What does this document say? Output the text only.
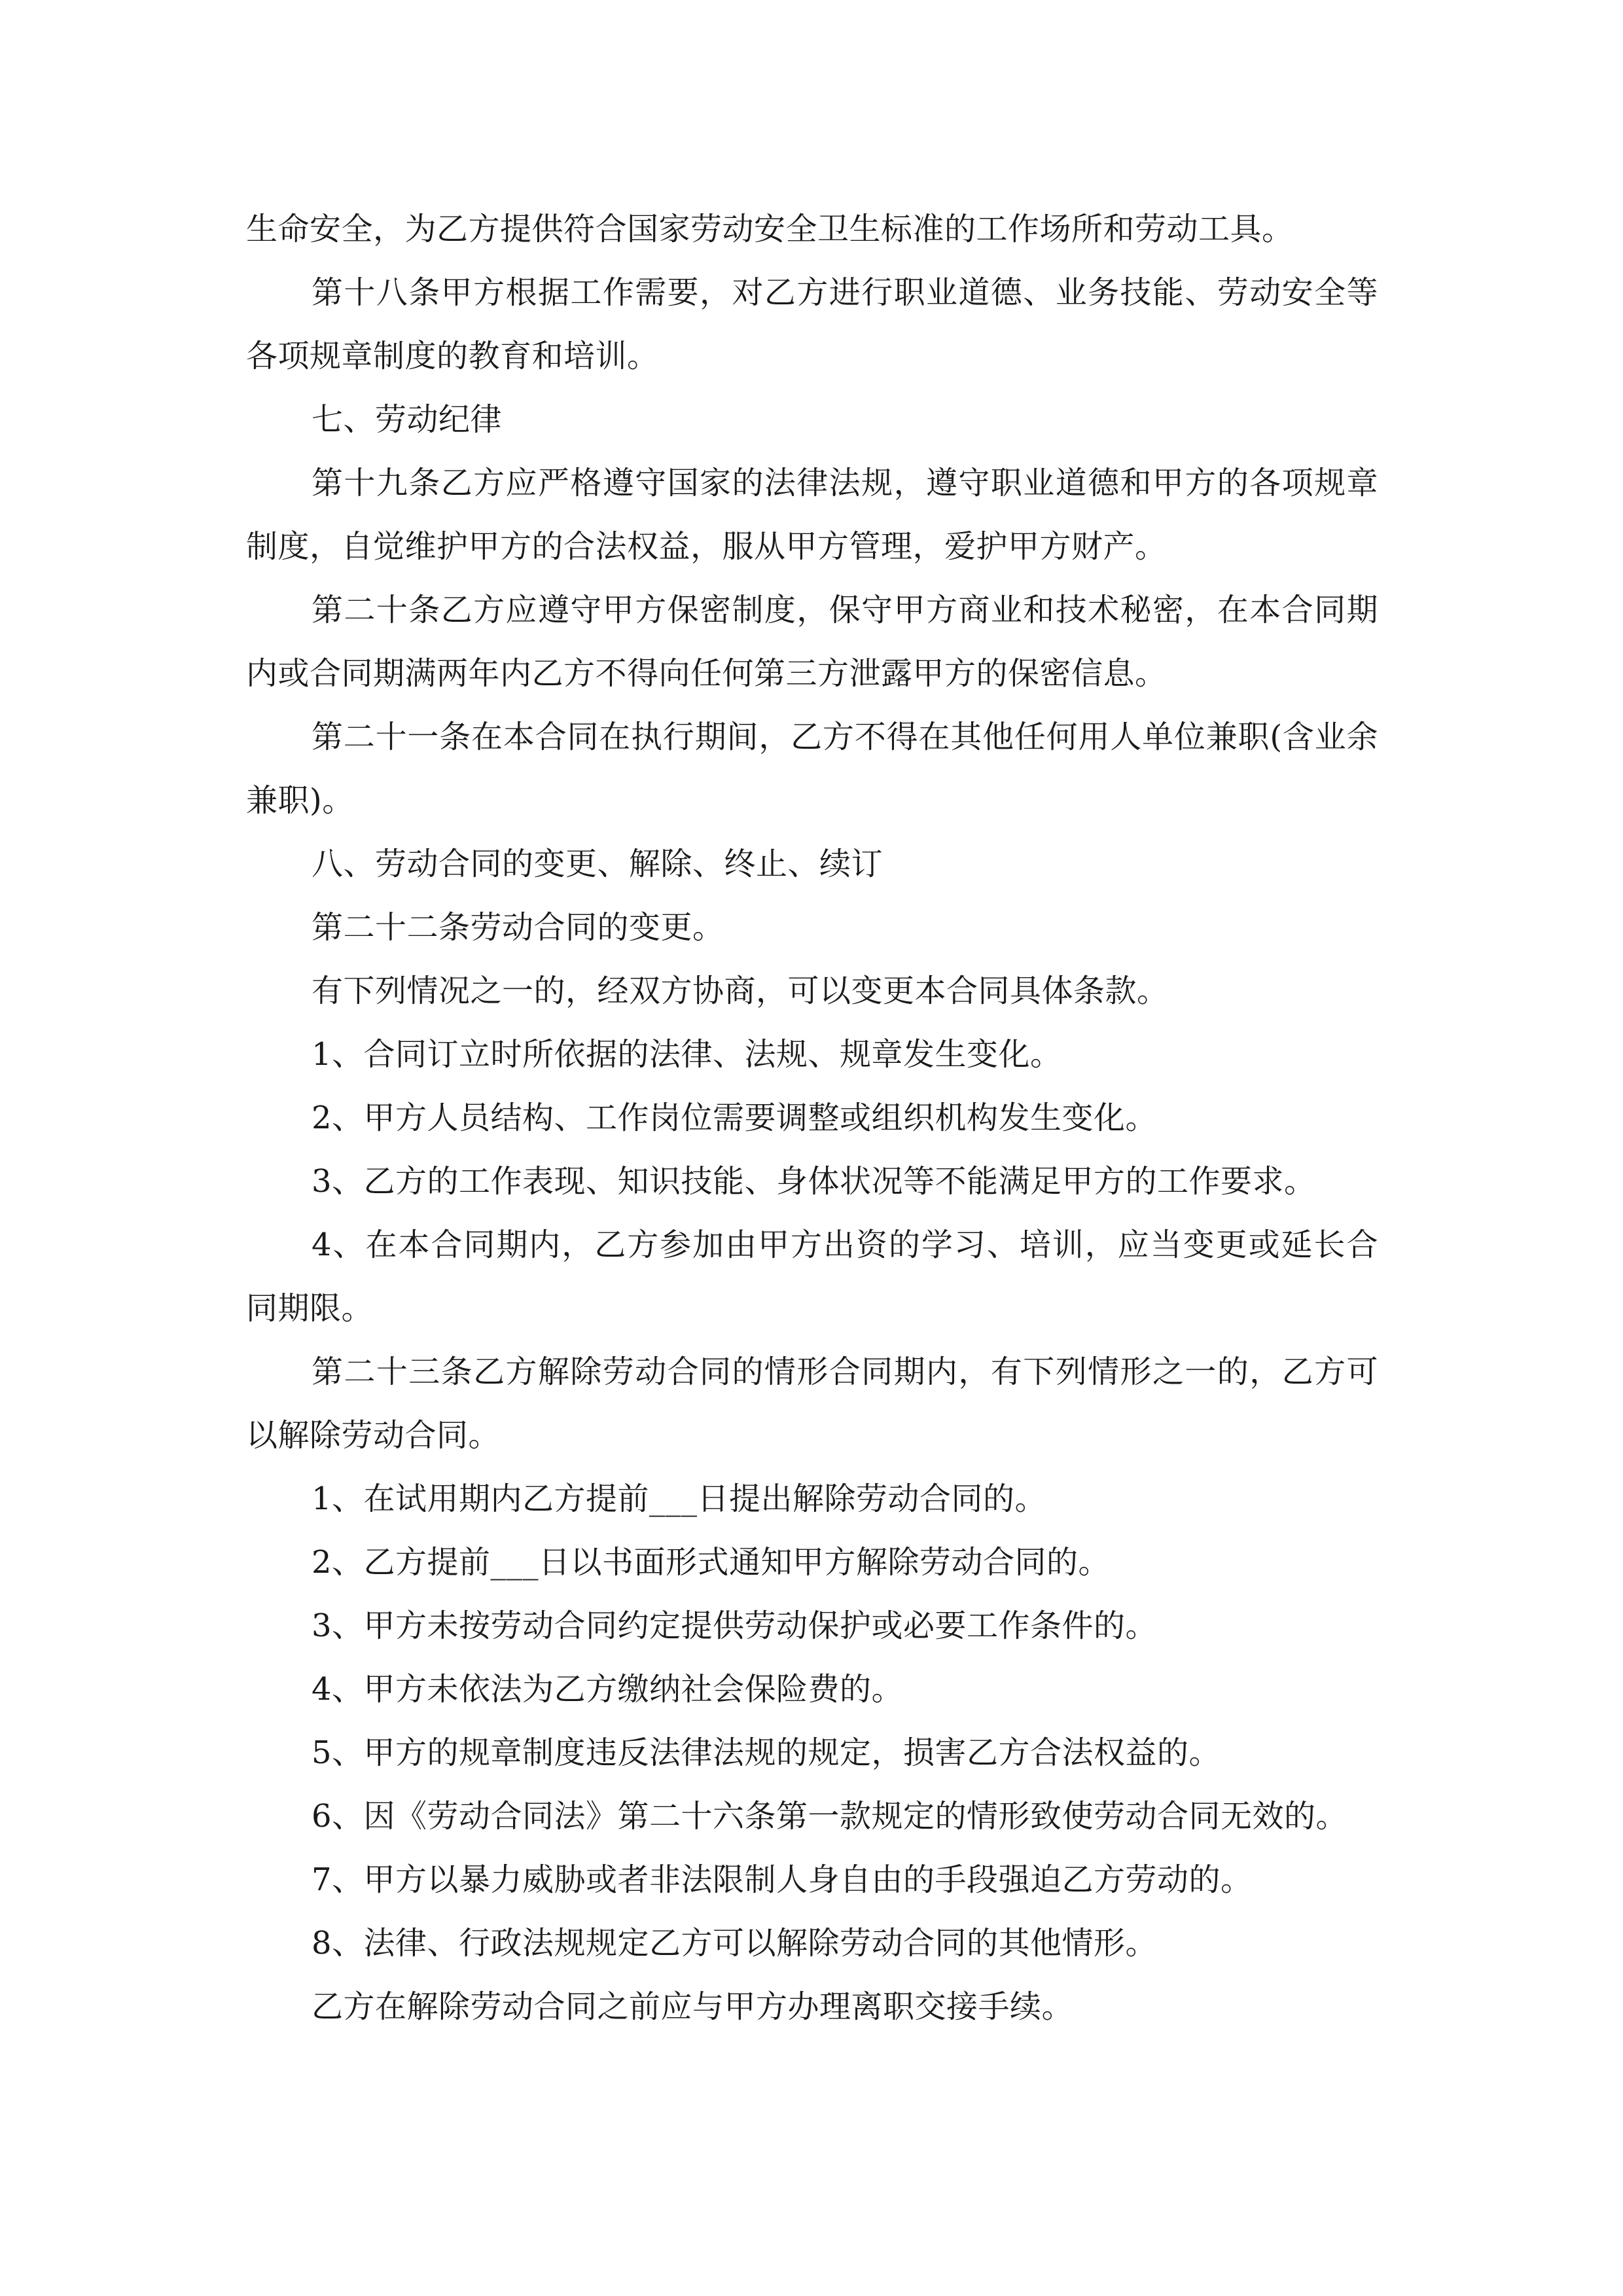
生命安全，为乙方提供符合国家劳动安全卫生标准的工作场所和劳动工具。

第十八条甲方根据工作需要，对乙方进行职业道德、业务技能、劳动安全等各项规章制度的教育和培训。

七、劳动纪律

第十九条乙方应严格遵守国家的法律法规，遵守职业道德和甲方的各项规章制度，自觉维护甲方的合法权益，服从甲方管理，爱护甲方财产。

第二十条乙方应遵守甲方保密制度，保守甲方商业和技术秘密，在本合同期内或合同期满两年内乙方不得向任何第三方泄露甲方的保密信息。

第二十一条在本合同在执行期间，乙方不得在其他任何用人单位兼职(含业余兼职)。

八、劳动合同的变更、解除、终止、续订

第二十二条劳动合同的变更。

有下列情况之一的，经双方协商，可以变更本合同具体条款。

1、合同订立时所依据的法律、法规、规章发生变化。

2、甲方人员结构、工作岗位需要调整或组织机构发生变化。

3、乙方的工作表现、知识技能、身体状况等不能满足甲方的工作要求。

4、在本合同期内，乙方参加由甲方出资的学习、培训，应当变更或延长合同期限。

第二十三条乙方解除劳动合同的情形合同期内，有下列情形之一的，乙方可以解除劳动合同。

1、在试用期内乙方提前___日提出解除劳动合同的。

2、乙方提前___日以书面形式通知甲方解除劳动合同的。

3、甲方未按劳动合同约定提供劳动保护或必要工作条件的。

4、甲方未依法为乙方缴纳社会保险费的。

5、甲方的规章制度违反法律法规的规定，损害乙方合法权益的。

6、因《劳动合同法》第二十六条第一款规定的情形致使劳动合同无效的。

7、甲方以暴力威胁或者非法限制人身自由的手段强迫乙方劳动的。

8、法律、行政法规规定乙方可以解除劳动合同的其他情形。

乙方在解除劳动合同之前应与甲方办理离职交接手续。
